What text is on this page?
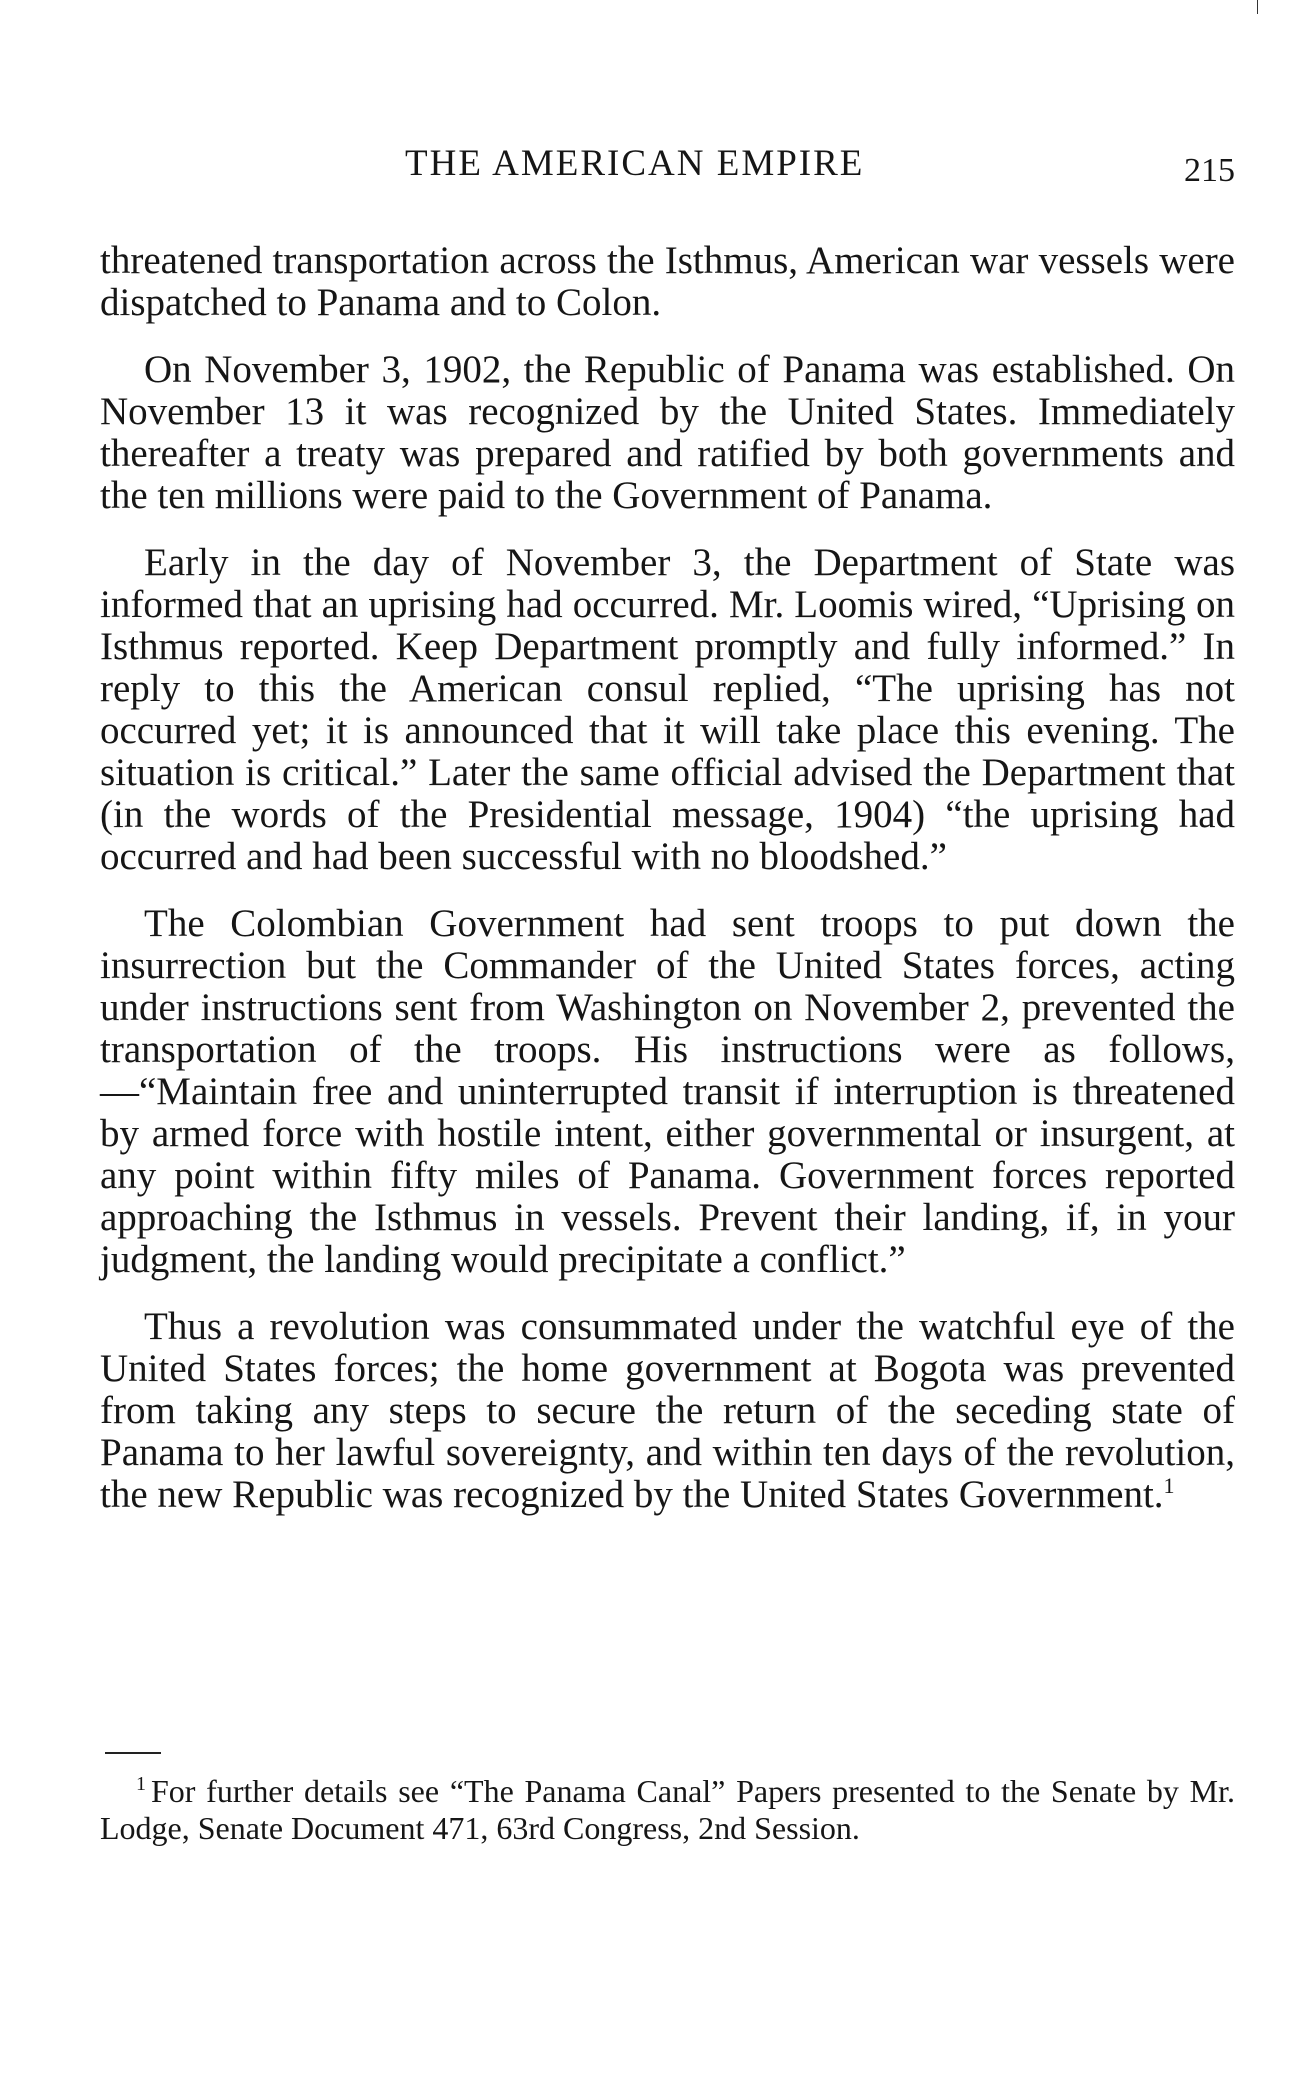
THE AMERICAN EMPIRE	215

threatened transportation across the Isthmus, American war vessels were dispatched to Panama and to Colon.

On November 3, 1902, the Republic of Panama was established. On November 13 it was recognized by the United States. Immediately thereafter a treaty was prepared and ratified by both governments and the ten millions were paid to the Government of Panama.

Early in the day of November 3, the Department of State was informed that an uprising had occurred. Mr. Loomis wired, “Uprising on Isthmus reported. Keep Department promptly and fully informed.” In reply to this the American consul replied, “The uprising has not occurred yet; it is announced that it will take place this evening. The situation is critical.” Later the same official advised the Department that (in the words of the Presidential message, 1904) “the uprising had occurred and had been successful with no bloodshed.”

The Colombian Government had sent troops to put down the insurrection but the Commander of the United States forces, acting under instructions sent from Washington on November 2, prevented the transportation of the troops. His instructions were as follows,—“Maintain free and uninterrupted transit if interruption is threatened by armed force with hostile intent, either governmental or insurgent, at any point within fifty miles of Panama. Government forces reported approaching the Isthmus in vessels. Prevent their landing, if, in your judgment, the landing would precipitate a conflict.”

Thus a revolution was consummated under the watchful eye of the United States forces; the home government at Bogota was prevented from taking any steps to secure the return of the seceding state of Panama to her lawful sovereignty, and within ten days of the revolution, the new Republic was recognized by the United States Government.$^1$

$^1$ For further details see “The Panama Canal” Papers presented to the Senate by Mr. Lodge, Senate Document 471, 63rd Congress, 2nd Session.
